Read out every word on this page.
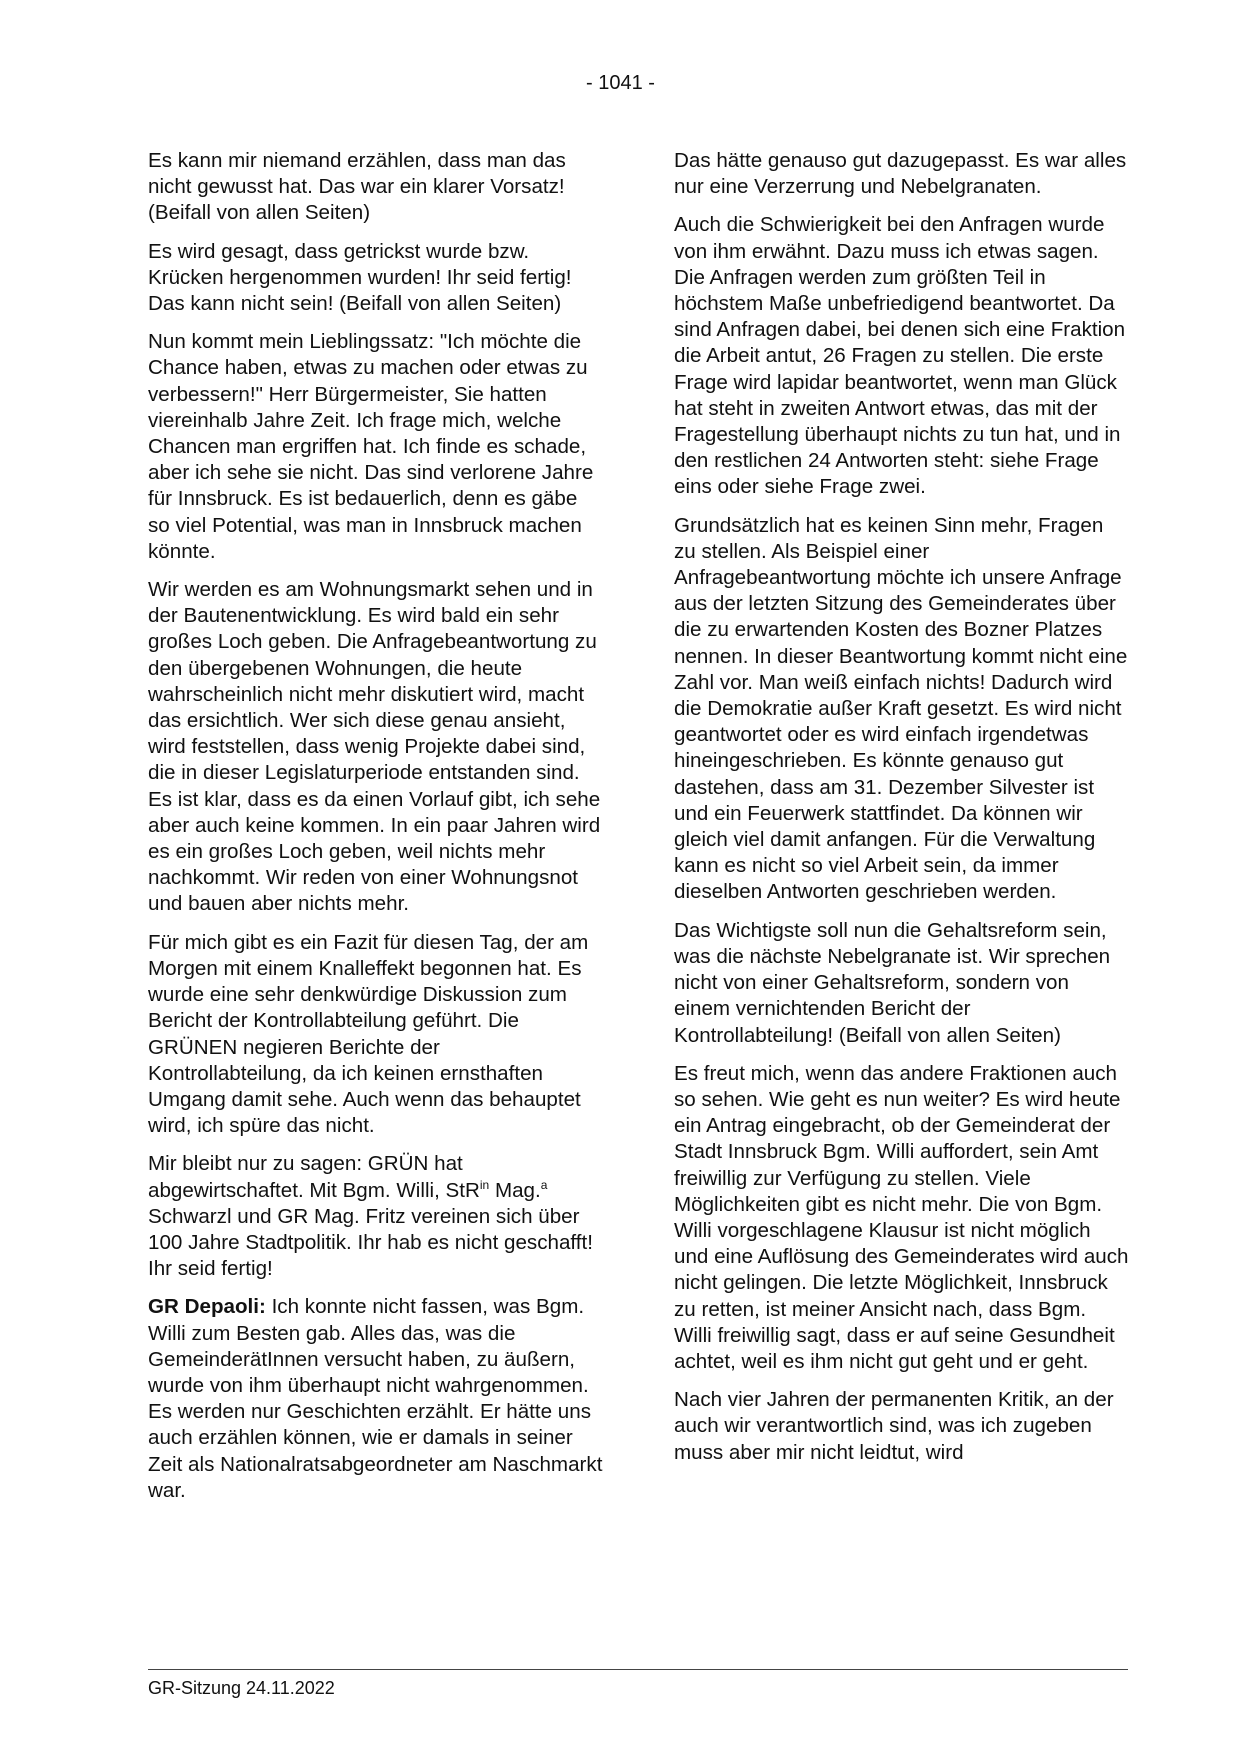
- 1041 -

Es kann mir niemand erzählen, dass man das nicht gewusst hat. Das war ein klarer Vorsatz! (Beifall von allen Seiten)

Es wird gesagt, dass getrickst wurde bzw. Krücken hergenommen wurden! Ihr seid fertig! Das kann nicht sein! (Beifall von allen Seiten)

Nun kommt mein Lieblingssatz: "Ich möchte die Chance haben, etwas zu machen oder etwas zu verbessern!" Herr Bürgermeister, Sie hatten viereinhalb Jahre Zeit. Ich frage mich, welche Chancen man ergriffen hat. Ich finde es schade, aber ich sehe sie nicht. Das sind verlorene Jahre für Innsbruck. Es ist bedauerlich, denn es gäbe so viel Potential, was man in Innsbruck machen könnte.

Wir werden es am Wohnungsmarkt sehen und in der Bautenentwicklung. Es wird bald ein sehr großes Loch geben. Die Anfragebeantwortung zu den übergebenen Wohnungen, die heute wahrscheinlich nicht mehr diskutiert wird, macht das ersichtlich. Wer sich diese genau ansieht, wird feststellen, dass wenig Projekte dabei sind, die in dieser Legislaturperiode entstanden sind. Es ist klar, dass es da einen Vorlauf gibt, ich sehe aber auch keine kommen. In ein paar Jahren wird es ein großes Loch geben, weil nichts mehr nachkommt. Wir reden von einer Wohnungsnot und bauen aber nichts mehr.

Für mich gibt es ein Fazit für diesen Tag, der am Morgen mit einem Knalleffekt begonnen hat. Es wurde eine sehr denkwürdige Diskussion zum Bericht der Kontrollabteilung geführt. Die GRÜNEN negieren Berichte der Kontrollabteilung, da ich keinen ernsthaften Umgang damit sehe. Auch wenn das behauptet wird, ich spüre das nicht.

Mir bleibt nur zu sagen: GRÜN hat abgewirtschaftet. Mit Bgm. Willi, StR$^{in}$ Mag.$^a$ Schwarzl und GR Mag. Fritz vereinen sich über 100 Jahre Stadtpolitik. Ihr hab es nicht geschafft! Ihr seid fertig!

GR Depaoli: Ich konnte nicht fassen, was Bgm. Willi zum Besten gab. Alles das, was die GemeinderätInnen versucht haben, zu äußern, wurde von ihm überhaupt nicht wahrgenommen. Es werden nur Geschichten erzählt. Er hätte uns auch erzählen können, wie er damals in seiner Zeit als Nationalratsabgeordneter am Naschmarkt war.

Das hätte genauso gut dazugepasst. Es war alles nur eine Verzerrung und Nebelgranaten.

Auch die Schwierigkeit bei den Anfragen wurde von ihm erwähnt. Dazu muss ich etwas sagen. Die Anfragen werden zum größten Teil in höchstem Maße unbefriedigend beantwortet. Da sind Anfragen dabei, bei denen sich eine Fraktion die Arbeit antut, 26 Fragen zu stellen. Die erste Frage wird lapidar beantwortet, wenn man Glück hat steht in zweiten Antwort etwas, das mit der Fragestellung überhaupt nichts zu tun hat, und in den restlichen 24 Antworten steht: siehe Frage eins oder siehe Frage zwei.

Grundsätzlich hat es keinen Sinn mehr, Fragen zu stellen. Als Beispiel einer Anfragebeantwortung möchte ich unsere Anfrage aus der letzten Sitzung des Gemeinderates über die zu erwartenden Kosten des Bozner Platzes nennen. In dieser Beantwortung kommt nicht eine Zahl vor. Man weiß einfach nichts! Dadurch wird die Demokratie außer Kraft gesetzt. Es wird nicht geantwortet oder es wird einfach irgendetwas hineingeschrieben. Es könnte genauso gut dastehen, dass am 31. Dezember Silvester ist und ein Feuerwerk stattfindet. Da können wir gleich viel damit anfangen. Für die Verwaltung kann es nicht so viel Arbeit sein, da immer dieselben Antworten geschrieben werden.

Das Wichtigste soll nun die Gehaltsreform sein, was die nächste Nebelgranate ist. Wir sprechen nicht von einer Gehaltsreform, sondern von einem vernichtenden Bericht der Kontrollabteilung! (Beifall von allen Seiten)

Es freut mich, wenn das andere Fraktionen auch so sehen. Wie geht es nun weiter? Es wird heute ein Antrag eingebracht, ob der Gemeinderat der Stadt Innsbruck Bgm. Willi auffordert, sein Amt freiwillig zur Verfügung zu stellen. Viele Möglichkeiten gibt es nicht mehr. Die von Bgm. Willi vorgeschlagene Klausur ist nicht möglich und eine Auflösung des Gemeinderates wird auch nicht gelingen. Die letzte Möglichkeit, Innsbruck zu retten, ist meiner Ansicht nach, dass Bgm. Willi freiwillig sagt, dass er auf seine Gesundheit achtet, weil es ihm nicht gut geht und er geht.

Nach vier Jahren der permanenten Kritik, an der auch wir verantwortlich sind, was ich zugeben muss aber mir nicht leidtut, wird

GR-Sitzung 24.11.2022
